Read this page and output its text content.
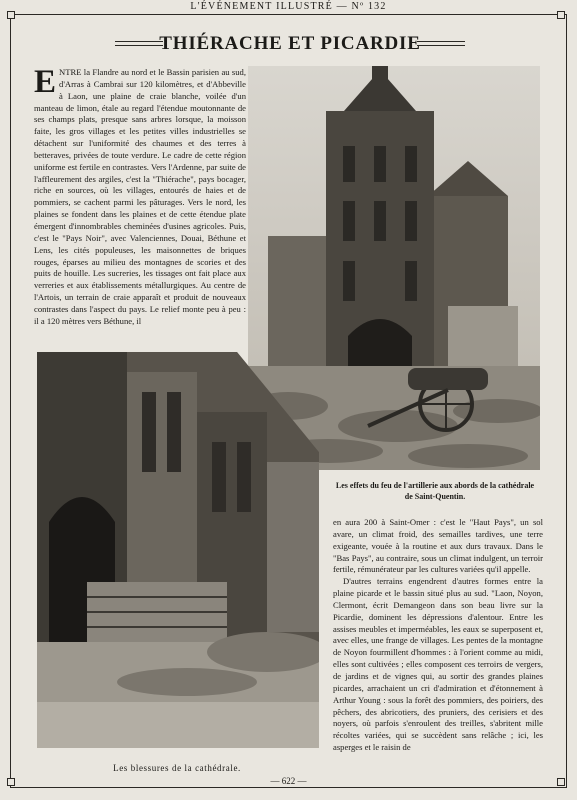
L'ÉVÉNEMENT ILLUSTRÉ — Nº 132
THIÉRACHE ET PICARDIE
ENTRE la Flandre au nord et le Bassin parisien au sud, d'Arras à Cambrai sur 120 kilomètres, et d'Abbeville à Laon, une plaine de craie blanche, voilée d'un manteau de limon, étale au regard l'étendue moutonnante de ses champs plats, presque sans arbres lorsque, la moisson faite, les gros villages et les petites villes industrielles se détachent sur l'uniformité des chaumes et des terres à betteraves, privées de toute verdure. Le cadre de cette région uniforme est fertile en contrastes. Vers l'Ardenne, par suite de l'affleurement des argiles, c'est la "Thiérache", pays bocager, riche en sources, où les villages, entourés de haies et de pommiers, se cachent parmi les pâturages. Vers le nord, les plaines se fondent dans les plaines et de cette étendue plate émergent d'innombrables cheminées d'usines agricoles. Puis, c'est le "Pays Noir", avec Valenciennes, Douai, Béthune et Lens, les cités populeuses, les maisonnettes de briques rouges, éparses au milieu des montagnes de scories et des puits de houille. Les sucreries, les tissages ont fait place aux verreries et aux établissements métallurgiques. Au centre de l'Artois, un terrain de craie apparaît et produit de nouveaux contrastes dans l'aspect du pays. Le relief monte peu à peu : il a 120 mètres vers Béthune, il
Les effets du feu de l'artillerie aux abords de la cathédrale de Saint-Quentin.

en aura 200 à Saint-Omer : c'est le "Haut Pays", un sol avare, un climat froid, des semailles tardives, une terre exigeante, vouée à la routine et aux durs travaux. Dans le "Bas Pays", au contraire, sous un climat indulgent, un terroir fertile, rémunérateur par les cultures variées qu'il appelle.

D'autres terrains engendrent d'autres formes entre la plaine picarde et le bassin situé plus au sud. "Laon, Noyon, Clermont, écrit Demangeon dans son beau livre sur la Picardie, dominent les dépressions d'alentour. Entre les assises meubles et imperméables, les eaux se superposent et, avec elles, une frange de villages. Les pentes de la montagne de Noyon fourmillent d'hommes : à l'orient comme au midi, elles sont cultivées ; elles composent ces terroirs de vergers, de jardins et de vignes qui, au sortir des grandes plaines picardes, arrachaient un cri d'admiration et d'étonnement à Arthur Young : sous la forêt des pommiers, des poiriers, des pêchers, des abricotiers, des pruniers, des cerisiers et des noyers, où parfois s'enroulent des treilles, s'abritent mille récoltes variées, qui se succèdent sans relâche ; ici, les asperges et le raisin de

Les blessures de la cathédrale.
— 622 —
